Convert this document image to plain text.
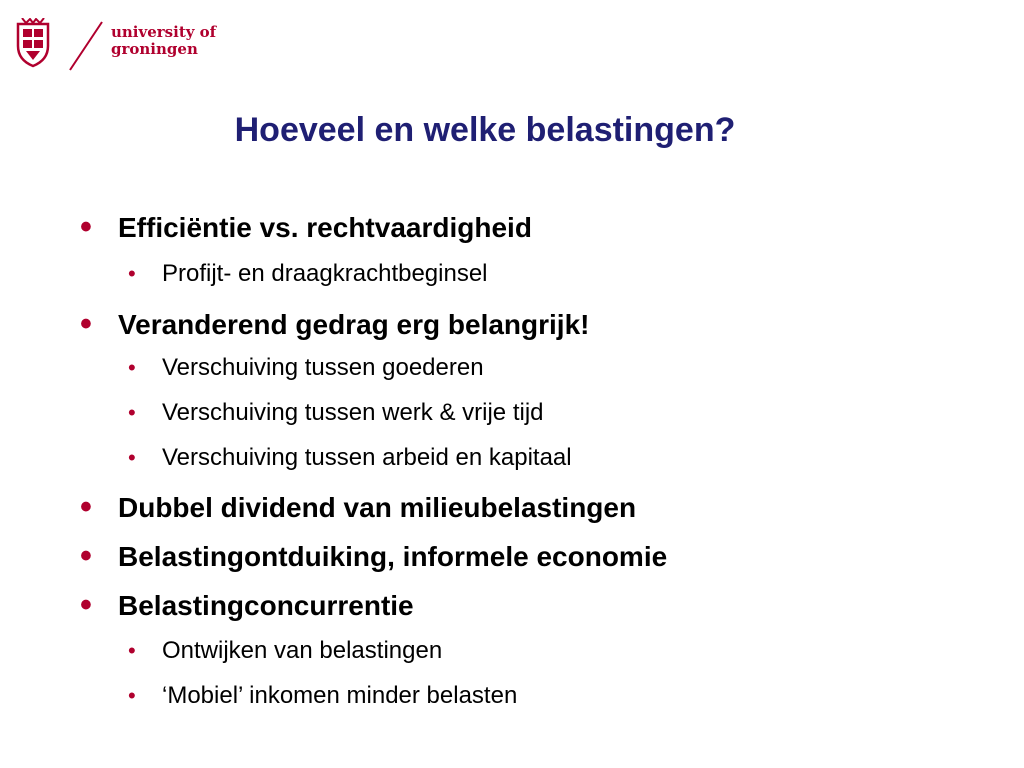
university of
groningen
Hoeveel en welke belastingen?
• Efficiëntie vs. rechtvaardigheid
• Profijt- en draagkrachtbeginsel
• Veranderend gedrag erg belangrijk!
• Verschuiving tussen goederen
• Verschuiving tussen werk & vrije tijd
• Verschuiving tussen arbeid en kapitaal
• Dubbel dividend van milieubelastingen
• Belastingontduiking, informele economie
• Belastingconcurrentie
• Ontwijken van belastingen
• ‘Mobiel’ inkomen minder belasten
